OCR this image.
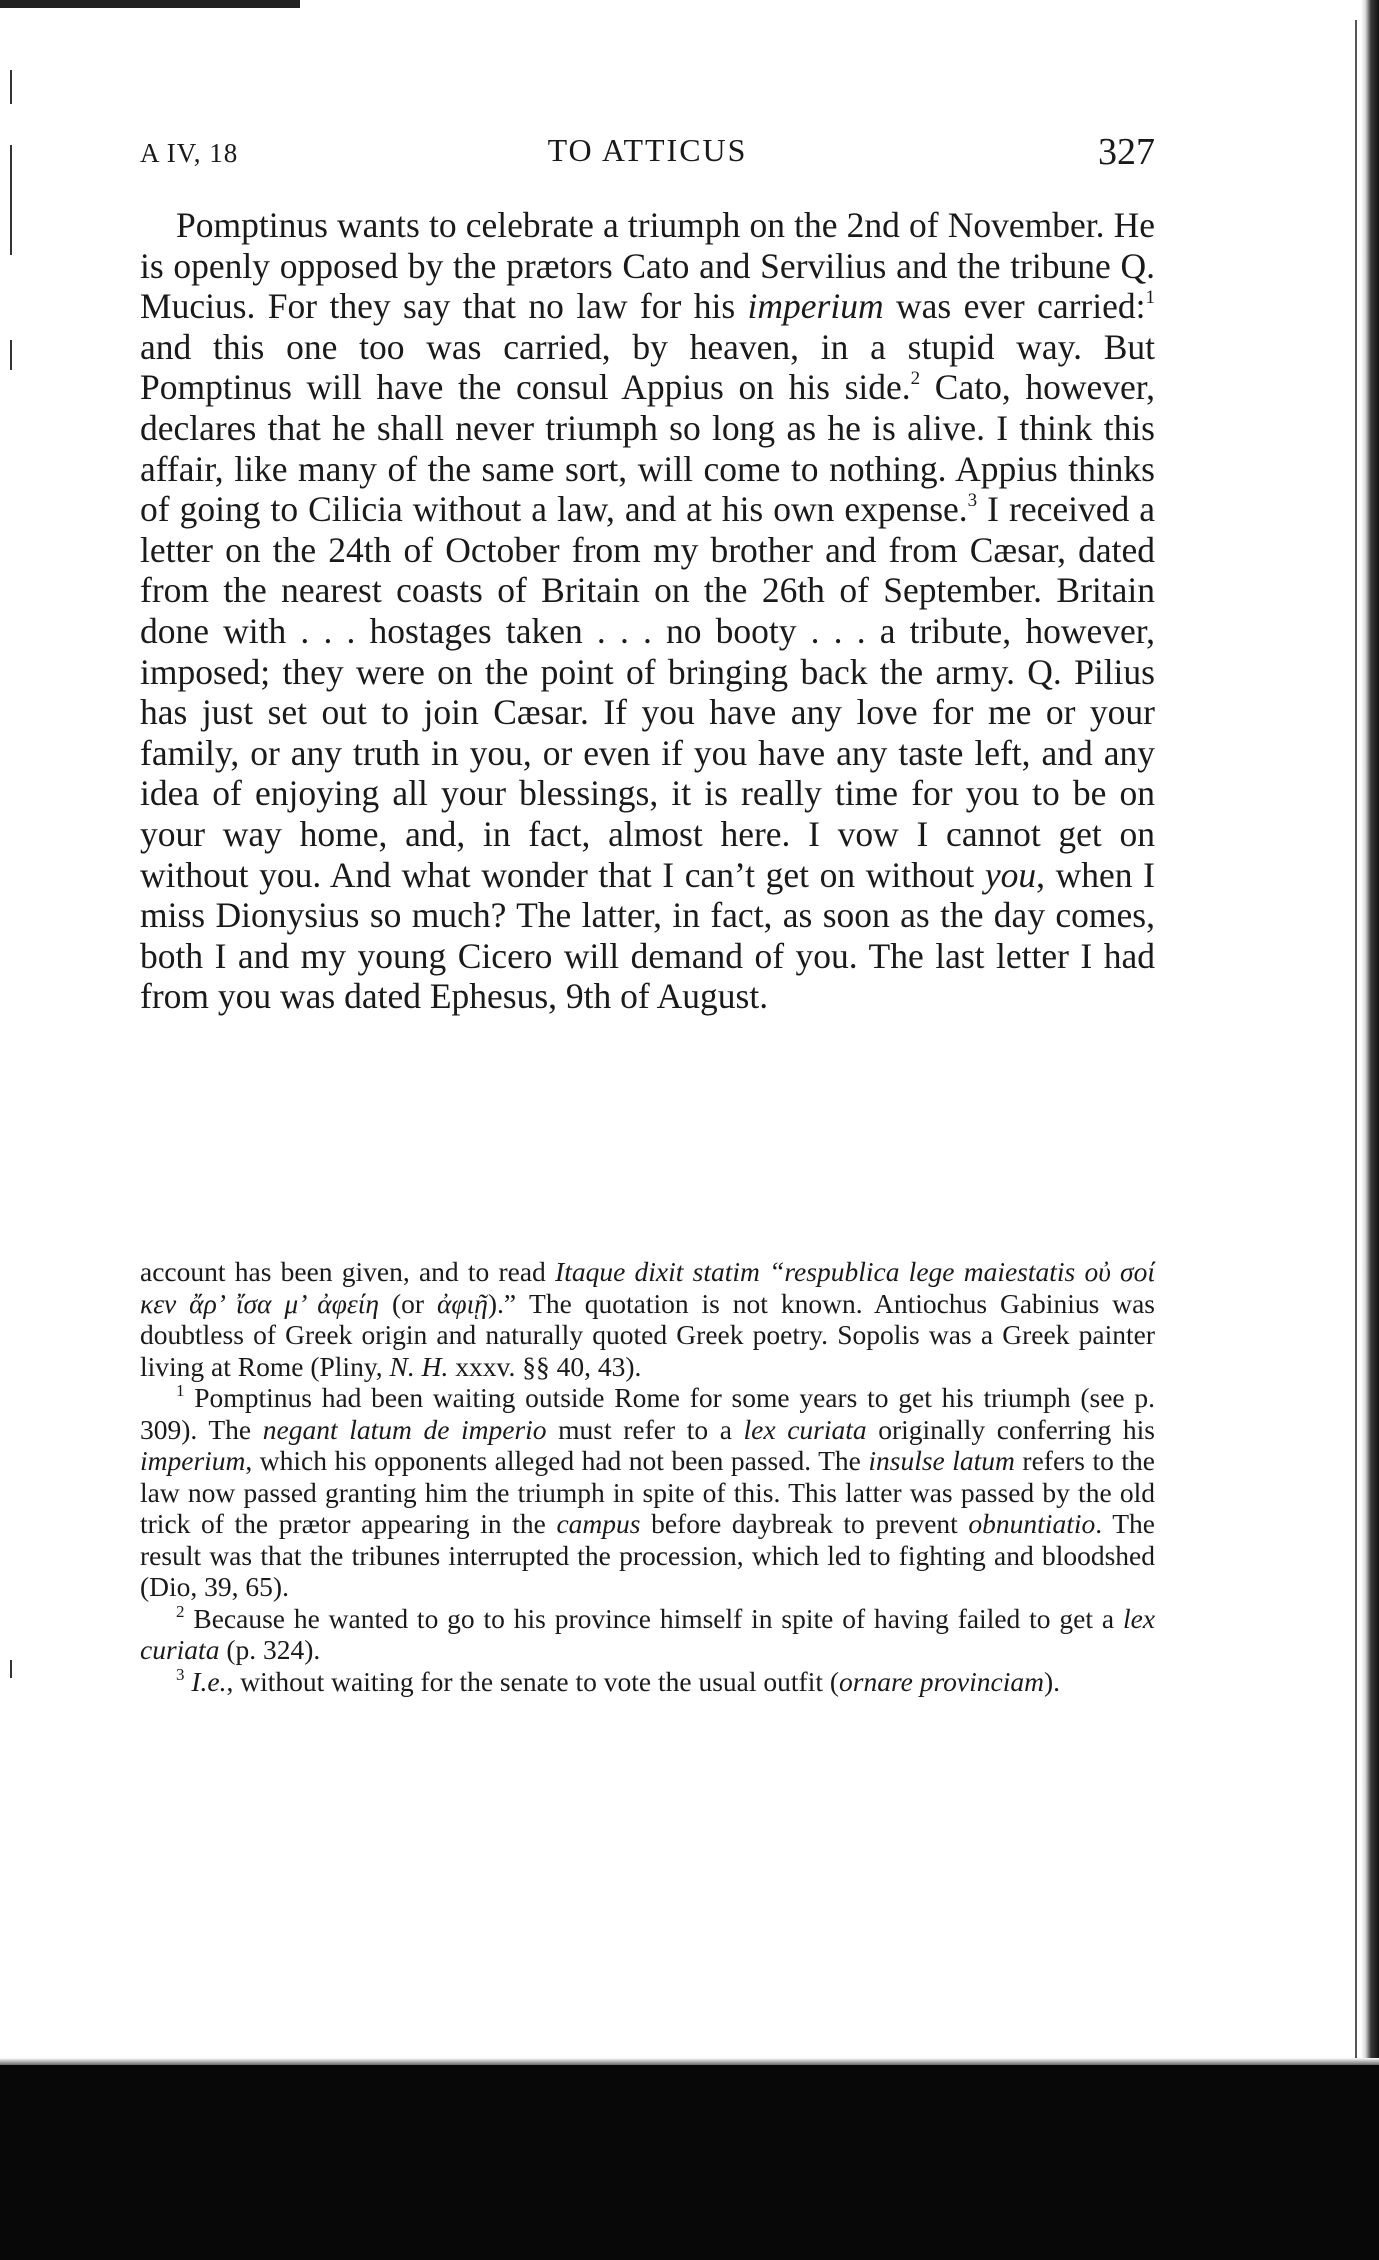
A IV, 18	TO ATTICUS	327

Pomptinus wants to celebrate a triumph on the 2nd of November. He is openly opposed by the prætors Cato and Servilius and the tribune Q. Mucius. For they say that no law for his imperium was ever carried:$^1$ and this one too was carried, by heaven, in a stupid way. But Pomptinus will have the consul Appius on his side.$^2$ Cato, however, declares that he shall never triumph so long as he is alive. I think this affair, like many of the same sort, will come to nothing. Appius thinks of going to Cilicia without a law, and at his own expense.$^3$ I received a letter on the 24th of October from my brother and from Cæsar, dated from the nearest coasts of Britain on the 26th of September. Britain done with . . . hostages taken . . . no booty . . . a tribute, however, imposed; they were on the point of bringing back the army. Q. Pilius has just set out to join Cæsar. If you have any love for me or your family, or any truth in you, or even if you have any taste left, and any idea of enjoying all your blessings, it is really time for you to be on your way home, and, in fact, almost here. I vow I cannot get on without you. And what wonder that I can’t get on without you, when I miss Dionysius so much? The latter, in fact, as soon as the day comes, both I and my young Cicero will demand of you. The last letter I had from you was dated Ephesus, 9th of August.

account has been given, and to read Itaque dixit statim “respublica lege maiestatis οὐ σοί κεν ἄρ’ ἴσα μ’ ἀφείη (or ἀφιῇ).” The quotation is not known. Antiochus Gabinius was doubtless of Greek origin and naturally quoted Greek poetry. Sopolis was a Greek painter living at Rome (Pliny, N. H. xxxv. §§ 40, 43).

$^1$ Pomptinus had been waiting outside Rome for some years to get his triumph (see p. 309). The negant latum de imperio must refer to a lex curiata originally conferring his imperium, which his opponents alleged had not been passed. The insulse latum refers to the law now passed granting him the triumph in spite of this. This latter was passed by the old trick of the prætor appearing in the campus before daybreak to prevent obnuntiatio. The result was that the tribunes interrupted the procession, which led to fighting and bloodshed (Dio, 39, 65).

$^2$ Because he wanted to go to his province himself in spite of having failed to get a lex curiata (p. 324).

$^3$ I.e., without waiting for the senate to vote the usual outfit (ornare provinciam).
